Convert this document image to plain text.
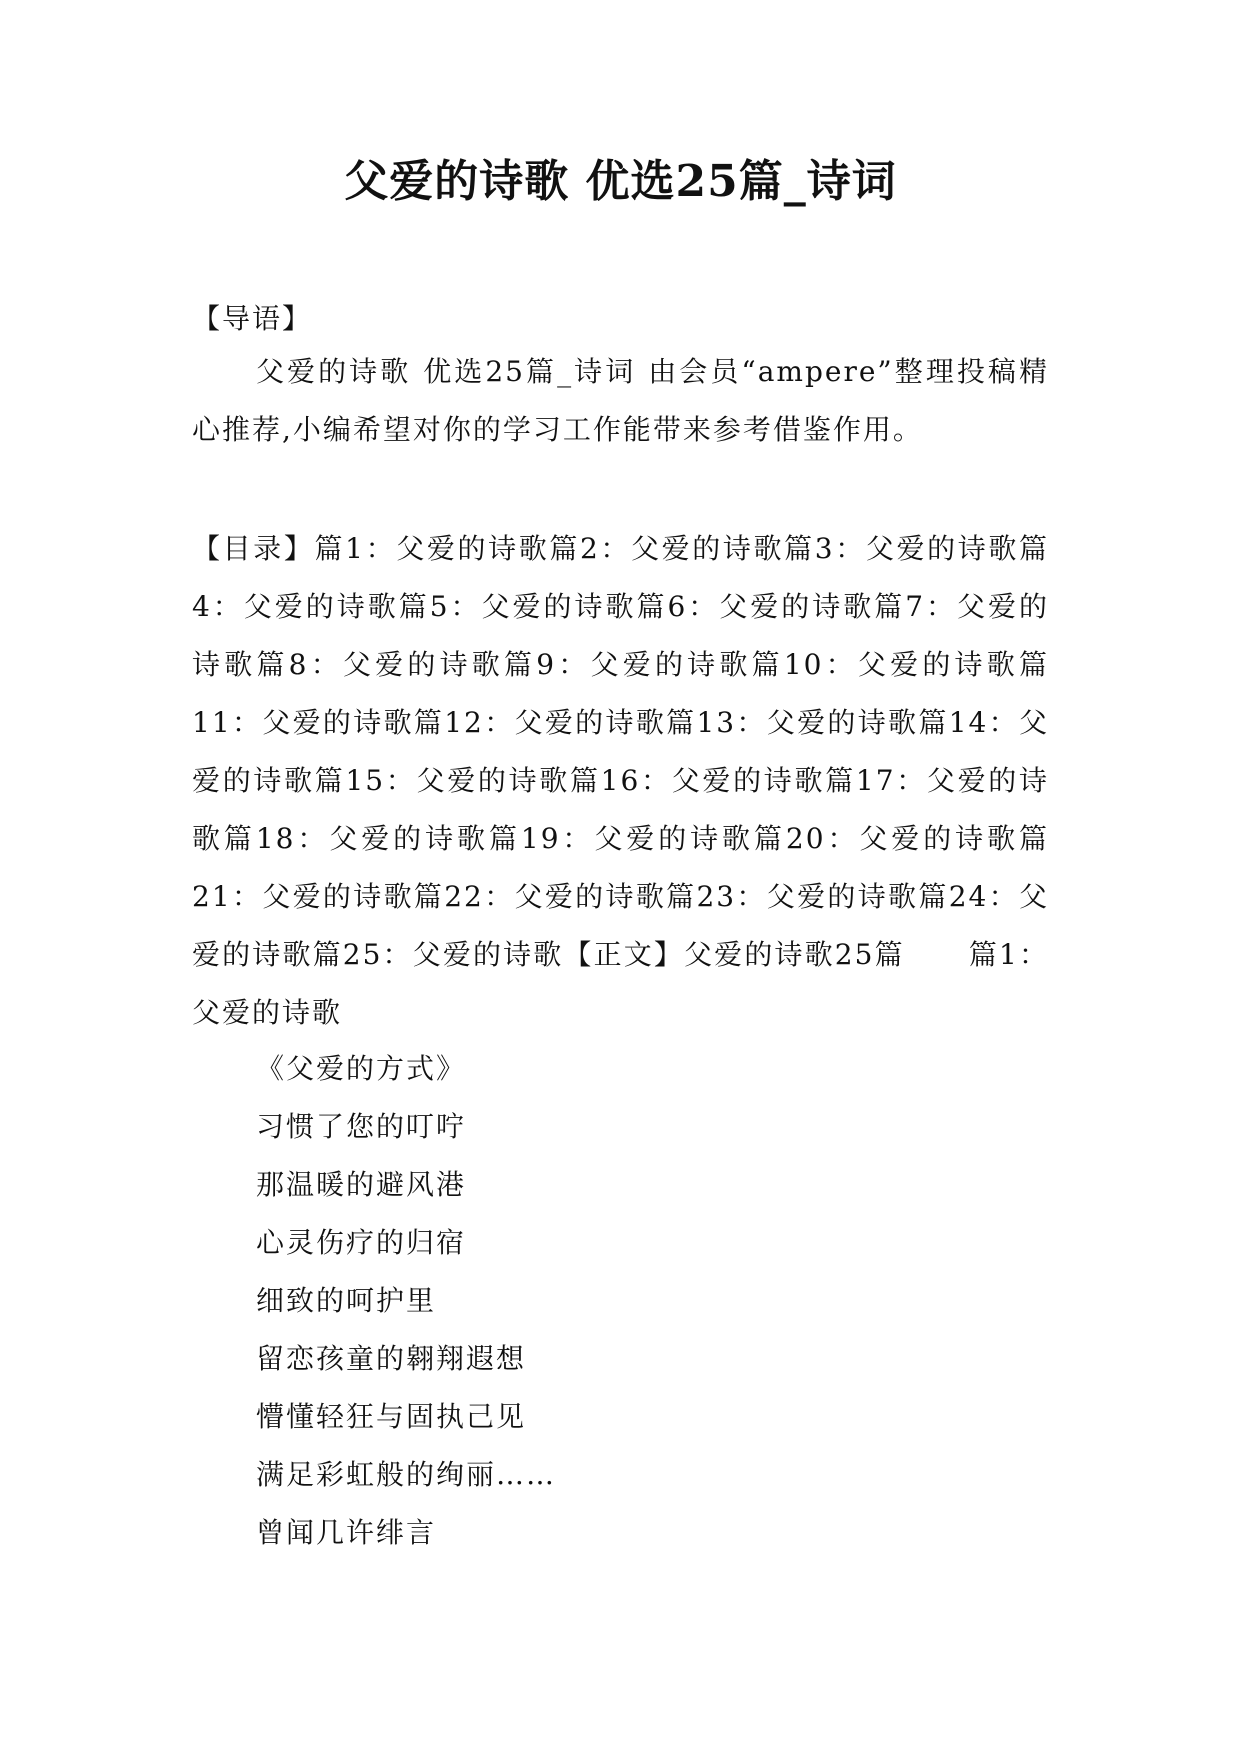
父爱的诗歌 优选25篇_诗词
【导语】
父爱的诗歌 优选25篇_诗词 由会员“ampere”整理投稿精心推荐,小编希望对你的学习工作能带来参考借鉴作用。
【目录】篇1：父爱的诗歌篇2：父爱的诗歌篇3：父爱的诗歌篇4：父爱的诗歌篇5：父爱的诗歌篇6：父爱的诗歌篇7：父爱的诗歌篇8：父爱的诗歌篇9：父爱的诗歌篇10：父爱的诗歌篇11：父爱的诗歌篇12：父爱的诗歌篇13：父爱的诗歌篇14：父爱的诗歌篇15：父爱的诗歌篇16：父爱的诗歌篇17：父爱的诗歌篇18：父爱的诗歌篇19：父爱的诗歌篇20：父爱的诗歌篇21：父爱的诗歌篇22：父爱的诗歌篇23：父爱的诗歌篇24：父爱的诗歌篇25：父爱的诗歌【正文】父爱的诗歌25篇 篇1：父爱的诗歌
《父爱的方式》
习惯了您的叮咛
那温暖的避风港
心灵伤疗的归宿
细致的呵护里
留恋孩童的翱翔遐想
懵懂轻狂与固执己见
满足彩虹般的绚丽……
曾闻几许绯言
